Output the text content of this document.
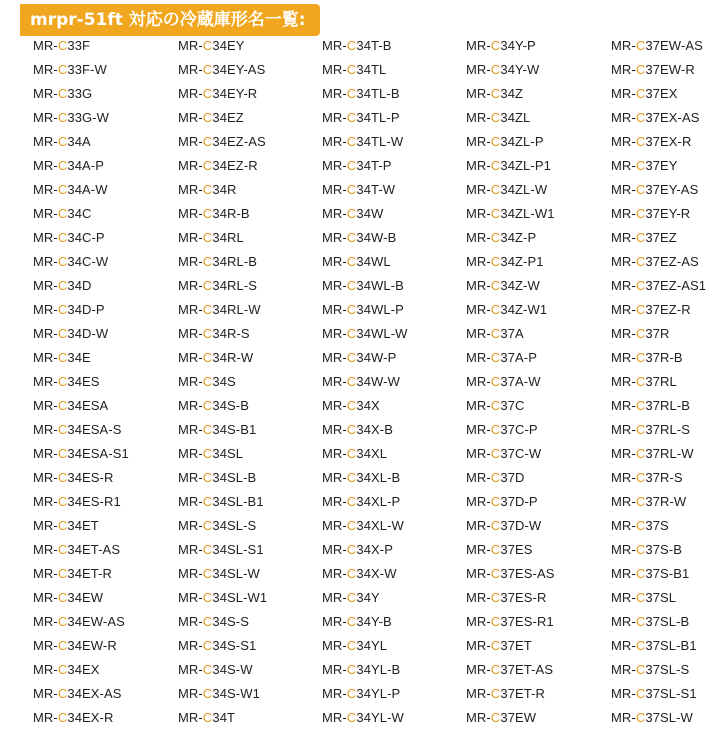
mrpr-51ft 対応の冷蔵庫形名一覧:
MR-C33F
MR-C33F-W
MR-C33G
MR-C33G-W
MR-C34A
MR-C34A-P
MR-C34A-W
MR-C34C
MR-C34C-P
MR-C34C-W
MR-C34D
MR-C34D-P
MR-C34D-W
MR-C34E
MR-C34ES
MR-C34ESA
MR-C34ESA-S
MR-C34ESA-S1
MR-C34ES-R
MR-C34ES-R1
MR-C34ET
MR-C34ET-AS
MR-C34ET-R
MR-C34EW
MR-C34EW-AS
MR-C34EW-R
MR-C34EX
MR-C34EX-AS
MR-C34EX-R
MR-C34EY
MR-C34EY-AS
MR-C34EY-R
MR-C34EZ
MR-C34EZ-AS
MR-C34EZ-R
MR-C34R
MR-C34R-B
MR-C34RL
MR-C34RL-B
MR-C34RL-S
MR-C34RL-W
MR-C34R-S
MR-C34R-W
MR-C34S
MR-C34S-B
MR-C34S-B1
MR-C34SL
MR-C34SL-B
MR-C34SL-B1
MR-C34SL-S
MR-C34SL-S1
MR-C34SL-W
MR-C34SL-W1
MR-C34S-S
MR-C34S-S1
MR-C34S-W
MR-C34S-W1
MR-C34T
MR-C34T-B
MR-C34TL
MR-C34TL-B
MR-C34TL-P
MR-C34TL-W
MR-C34T-P
MR-C34T-W
MR-C34W
MR-C34W-B
MR-C34WL
MR-C34WL-B
MR-C34WL-P
MR-C34WL-W
MR-C34W-P
MR-C34W-W
MR-C34X
MR-C34X-B
MR-C34XL
MR-C34XL-B
MR-C34XL-P
MR-C34XL-W
MR-C34X-P
MR-C34X-W
MR-C34Y
MR-C34Y-B
MR-C34YL
MR-C34YL-B
MR-C34YL-P
MR-C34YL-W
MR-C34Y-P
MR-C34Y-W
MR-C34Z
MR-C34ZL
MR-C34ZL-P
MR-C34ZL-P1
MR-C34ZL-W
MR-C34ZL-W1
MR-C34Z-P
MR-C34Z-P1
MR-C34Z-W
MR-C34Z-W1
MR-C37A
MR-C37A-P
MR-C37A-W
MR-C37C
MR-C37C-P
MR-C37C-W
MR-C37D
MR-C37D-P
MR-C37D-W
MR-C37ES
MR-C37ES-AS
MR-C37ES-R
MR-C37ES-R1
MR-C37ET
MR-C37ET-AS
MR-C37ET-R
MR-C37EW
MR-C37EW-AS
MR-C37EW-R
MR-C37EX
MR-C37EX-AS
MR-C37EX-R
MR-C37EY
MR-C37EY-AS
MR-C37EY-R
MR-C37EZ
MR-C37EZ-AS
MR-C37EZ-AS1
MR-C37EZ-R
MR-C37R
MR-C37R-B
MR-C37RL
MR-C37RL-B
MR-C37RL-S
MR-C37RL-W
MR-C37R-S
MR-C37R-W
MR-C37S
MR-C37S-B
MR-C37S-B1
MR-C37SL
MR-C37SL-B
MR-C37SL-B1
MR-C37SL-S
MR-C37SL-S1
MR-C37SL-W
